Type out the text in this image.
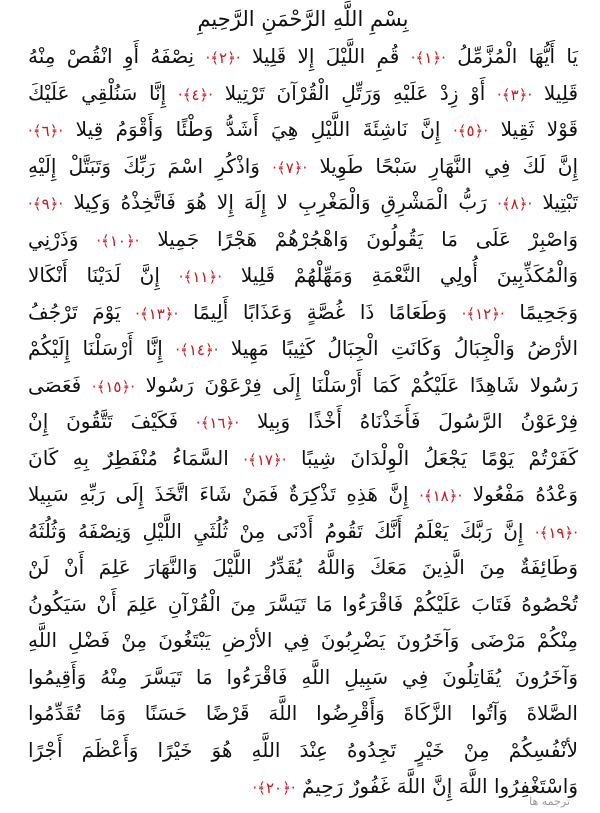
بِسْمِ اللَّهِ الرَّحْمَنِ الرَّحِيمِ
يَا أَيُّهَا الْمُزَّمِّلُ ·﴿١﴾· قُمِ اللَّيْلَ إِلا قَلِيلا ·﴿٢﴾· نِصْفَهُ أَوِ انْقُصْ مِنْهُ
قَلِيلا ·﴿٣﴾· أَوْ زِدْ عَلَيْهِ وَرَتِّلِ الْقُرْآنَ تَرْتِيلا ·﴿٤﴾· إِنَّا سَنُلْقِي عَلَيْكَ
قَوْلا ثَقِيلا ·﴿٥﴾· إِنَّ نَاشِئَةَ اللَّيْلِ هِيَ أَشَدُّ وَطْئًا وَأَقْوَمُ قِيلا ·﴿٦﴾·
إِنَّ لَكَ فِي النَّهَارِ سَبْحًا طَوِيلا ·﴿٧﴾· وَاذْكُرِ اسْمَ رَبِّكَ وَتَبَتَّلْ إِلَيْهِ
تَبْتِيلا ·﴿٨﴾· رَبُّ الْمَشْرِقِ وَالْمَغْرِبِ لا إِلَهَ إِلا هُوَ فَاتَّخِذْهُ وَكِيلا ·﴿٩﴾·
وَاصْبِرْ عَلَى مَا يَقُولُونَ وَاهْجُرْهُمْ هَجْرًا جَمِيلا ·﴿١٠﴾· وَذَرْنِي
وَالْمُكَذِّبِينَ أُولِي النَّعْمَةِ وَمَهِّلْهُمْ قَلِيلا ·﴿١١﴾· إِنَّ لَدَيْنَا أَنْكَالا
وَجَحِيمًا ·﴿١٢﴾· وَطَعَامًا ذَا غُصَّةٍ وَعَذَابًا أَلِيمًا ·﴿١٣﴾· يَوْمَ تَرْجُفُ
الأرْضُ وَالْجِبَالُ وَكَانَتِ الْجِبَالُ كَثِيبًا مَهِيلا ·﴿١٤﴾· إِنَّا أَرْسَلْنَا إِلَيْكُمْ
رَسُولا شَاهِدًا عَلَيْكُمْ كَمَا أَرْسَلْنَا إِلَى فِرْعَوْنَ رَسُولا ·﴿١٥﴾· فَعَصَى
فِرْعَوْنُ الرَّسُولَ فَأَخَذْنَاهُ أَخْذًا وَبِيلا ·﴿١٦﴾· فَكَيْفَ تَتَّقُونَ إِنْ
كَفَرْتُمْ يَوْمًا يَجْعَلُ الْوِلْدَانَ شِيبًا ·﴿١٧﴾· السَّمَاءُ مُنْفَطِرٌ بِهِ كَانَ
وَعْدُهُ مَفْعُولا ·﴿١٨﴾· إِنَّ هَذِهِ تَذْكِرَةٌ فَمَنْ شَاءَ اتَّخَذَ إِلَى رَبِّهِ سَبِيلا
·﴿١٩﴾· إِنَّ رَبَّكَ يَعْلَمُ أَنَّكَ تَقُومُ أَدْنَى مِنْ ثُلُثَيِ اللَّيْلِ وَنِصْفَهُ وَثُلُثَهُ
وَطَائِفَةٌ مِنَ الَّذِينَ مَعَكَ وَاللَّهُ يُقَدِّرُ اللَّيْلَ وَالنَّهَارَ عَلِمَ أَنْ لَنْ
تُحْصُوهُ فَتَابَ عَلَيْكُمْ فَاقْرَءُوا مَا تَيَسَّرَ مِنَ الْقُرْآنِ عَلِمَ أَنْ سَيَكُونُ
مِنْكُمْ مَرْضَى وَآخَرُونَ يَضْرِبُونَ فِي الأرْضِ يَبْتَغُونَ مِنْ فَضْلِ اللَّهِ
وَآخَرُونَ يُقَاتِلُونَ فِي سَبِيلِ اللَّهِ فَاقْرَءُوا مَا تَيَسَّرَ مِنْهُ وَأَقِيمُوا
الصَّلاةَ وَآتُوا الزَّكَاةَ وَأَقْرِضُوا اللَّهَ قَرْضًا حَسَنًا وَمَا تُقَدِّمُوا
لأنْفُسِكُمْ مِنْ خَيْرٍ تَجِدُوهُ عِنْدَ اللَّهِ هُوَ خَيْرًا وَأَعْظَمَ أَجْرًا
وَاسْتَغْفِرُوا اللَّهَ إِنَّ اللَّهَ غَفُورٌ رَحِيمٌ ·﴿٢٠﴾·
ترجمه ها
